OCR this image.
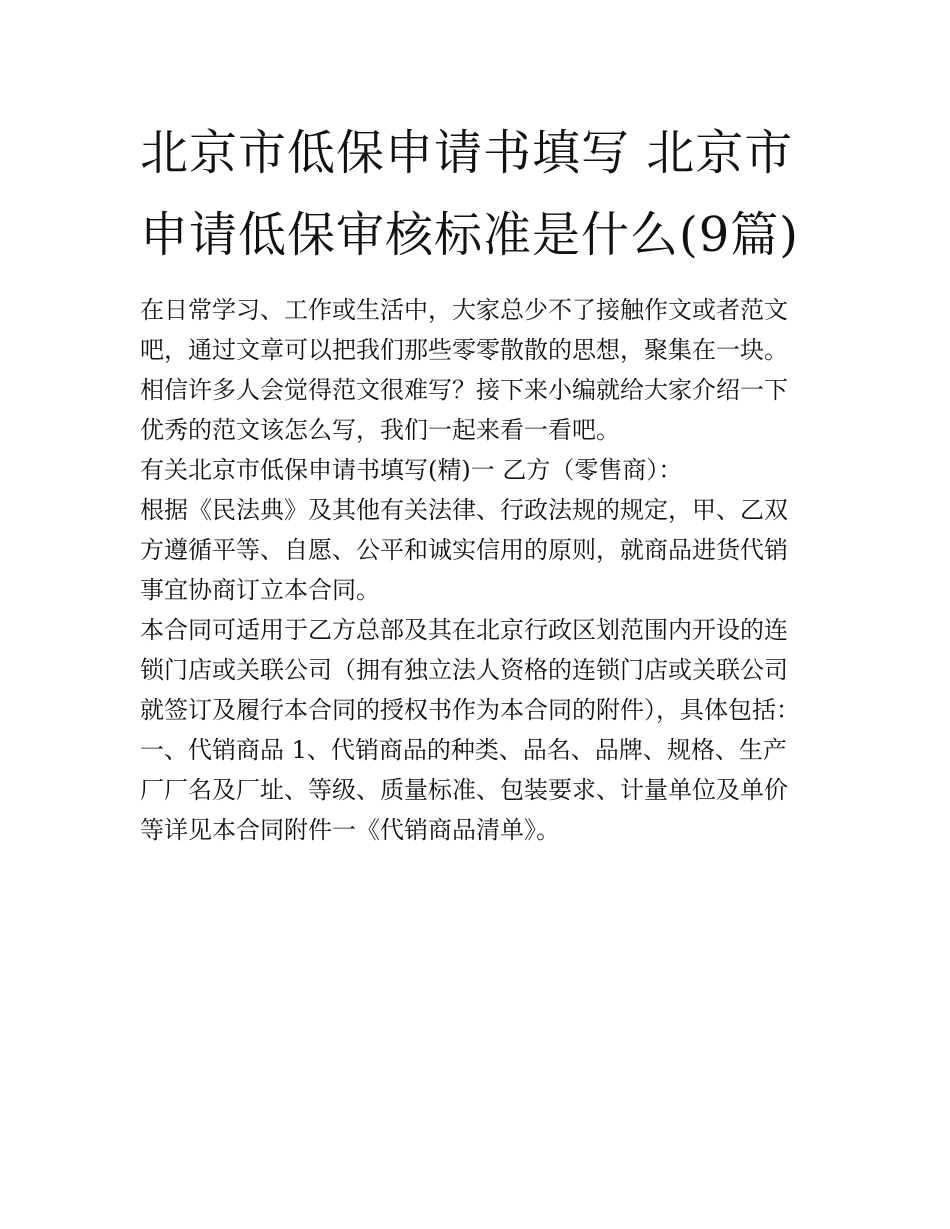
北京市低保申请书填写 北京市申请低保审核标准是什么(9篇)

在日常学习、工作或生活中，大家总少不了接触作文或者范文吧，通过文章可以把我们那些零零散散的思想，聚集在一块。相信许多人会觉得范文很难写？接下来小编就给大家介绍一下优秀的范文该怎么写，我们一起来看一看吧。

有关北京市低保申请书填写(精)一 乙方（零售商）：

根据《民法典》及其他有关法律、行政法规的规定，甲、乙双方遵循平等、自愿、公平和诚实信用的原则，就商品进货代销事宜协商订立本合同。

本合同可适用于乙方总部及其在北京行政区划范围内开设的连锁门店或关联公司（拥有独立法人资格的连锁门店或关联公司就签订及履行本合同的授权书作为本合同的附件），具体包括：

一、代销商品 1、代销商品的种类、品名、品牌、规格、生产厂厂名及厂址、等级、质量标准、包装要求、计量单位及单价等详见本合同附件一《代销商品清单》。
